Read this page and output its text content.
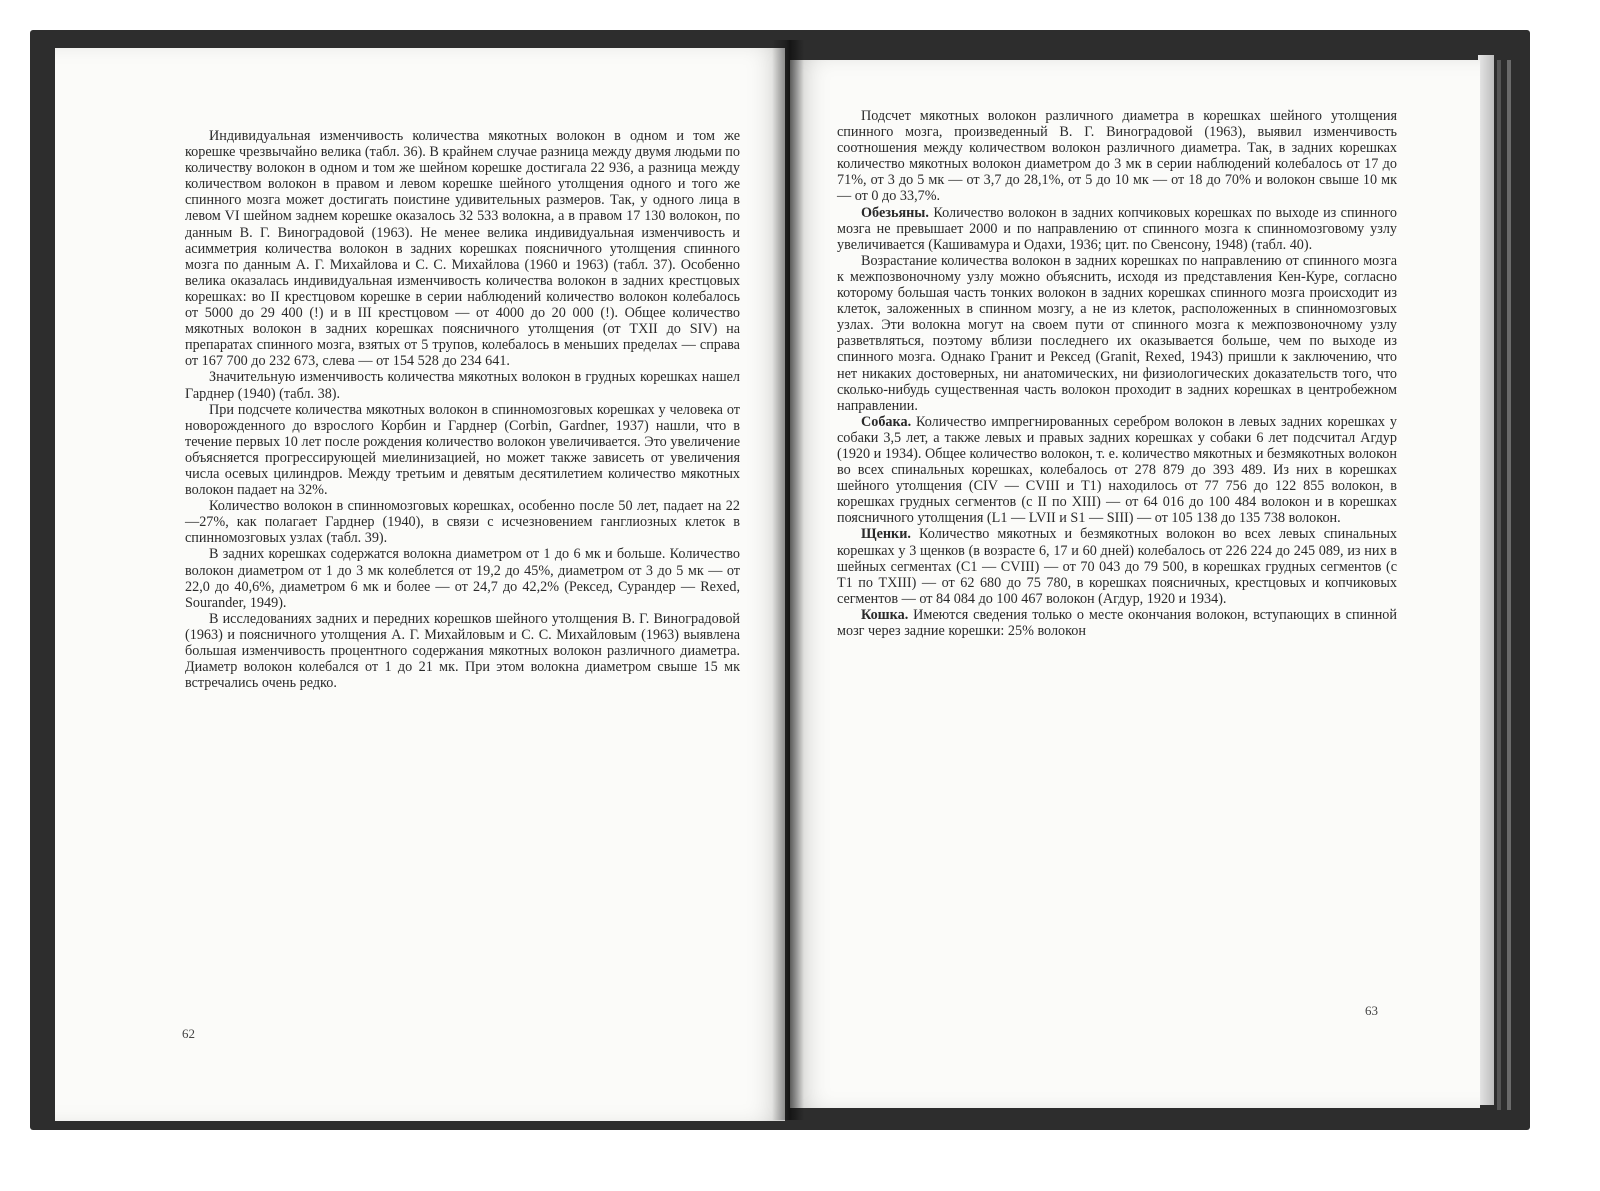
Индивидуальная изменчивость количества мякотных волокон в одном и том же корешке чрезвычайно велика (табл. 36). В крайнем случае разница между двумя людьми по количеству волокон в одном и том же шейном корешке достигала 22 936, а разница между количеством волокон в правом и левом корешке шейного утолщения одного и того же спинного мозга может достигать поистине удивительных размеров. Так, у одного лица в левом VI шейном заднем корешке оказалось 32 533 волокна, а в правом 17 130 волокон, по данным В. Г. Виноградовой (1963). Не менее велика индивидуальная изменчивость и асимметрия количества волокон в задних корешках поясничного утолщения спинного мозга по данным А. Г. Михайлова и С. С. Михайлова (1960 и 1963) (табл. 37). Особенно велика оказалась индивидуальная изменчивость количества волокон в задних крестцовых корешках: во II крестцовом корешке в серии наблюдений количество волокон колебалось от 5000 до 29 400 (!) и в III крестцовом — от 4000 до 20 000 (!). Общее количество мякотных волокон в задних корешках поясничного утолщения (от TXII до SIV) на препаратах спинного мозга, взятых от 5 трупов, колебалось в меньших пределах — справа от 167 700 до 232 673, слева — от 154 528 до 234 641.

Значительную изменчивость количества мякотных волокон в грудных корешках нашел Гарднер (1940) (табл. 38).

При подсчете количества мякотных волокон в спинномозговых корешках у человека от новорожденного до взрослого Корбин и Гарднер (Corbin, Gardner, 1937) нашли, что в течение первых 10 лет после рождения количество волокон увеличивается. Это увеличение объясняется прогрессирующей миелинизацией, но может также зависеть от увеличения числа осевых цилиндров. Между третьим и девятым десятилетием количество мякотных волокон падает на 32%.

Количество волокон в спинномозговых корешках, особенно после 50 лет, падает на 22—27%, как полагает Гарднер (1940), в связи с исчезновением ганглиозных клеток в спинномозговых узлах (табл. 39).

В задних корешках содержатся волокна диаметром от 1 до 6 мк и больше. Количество волокон диаметром от 1 до 3 мк колеблется от 19,2 до 45%, диаметром от 3 до 5 мк — от 22,0 до 40,6%, диаметром 6 мк и более — от 24,7 до 42,2% (Рексед, Сурандер — Rexed, Sourander, 1949).

В исследованиях задних и передних корешков шейного утолщения В. Г. Виноградовой (1963) и поясничного утолщения А. Г. Михайловым и С. С. Михайловым (1963) выявлена большая изменчивость процентного содержания мякотных волокон различного диаметра. Диаметр волокон колебался от 1 до 21 мк. При этом волокна диаметром свыше 15 мк встречались очень редко.

62

Подсчет мякотных волокон различного диаметра в корешках шейного утолщения спинного мозга, произведенный В. Г. Виноградовой (1963), выявил изменчивость соотношения между количеством волокон различного диаметра. Так, в задних корешках количество мякотных волокон диаметром до 3 мк в серии наблюдений колебалось от 17 до 71%, от 3 до 5 мк — от 3,7 до 28,1%, от 5 до 10 мк — от 18 до 70% и волокон свыше 10 мк — от 0 до 33,7%.

Обезьяны. Количество волокон в задних копчиковых корешках по выходе из спинного мозга не превышает 2000 и по направлению от спинного мозга к спинномозговому узлу увеличивается (Кашивамура и Одахи, 1936; цит. по Свенсону, 1948) (табл. 40).

Возрастание количества волокон в задних корешках по направлению от спинного мозга к межпозвоночному узлу можно объяснить, исходя из представления Кен-Куре, согласно которому большая часть тонких волокон в задних корешках спинного мозга происходит из клеток, заложенных в спинном мозгу, а не из клеток, расположенных в спинномозговых узлах. Эти волокна могут на своем пути от спинного мозга к межпозвоночному узлу разветвляться, поэтому вблизи последнего их оказывается больше, чем по выходе из спинного мозга. Однако Гранит и Рексед (Granit, Rexed, 1943) пришли к заключению, что нет никаких достоверных, ни анатомических, ни физиологических доказательств того, что сколько-нибудь существенная часть волокон проходит в задних корешках в центробежном направлении.

Собака. Количество импрегнированных серебром волокон в левых задних корешках у собаки 3,5 лет, а также левых и правых задних корешках у собаки 6 лет подсчитал Агдур (1920 и 1934). Общее количество волокон, т. е. количество мякотных и безмякотных волокон во всех спинальных корешках, колебалось от 278 879 до 393 489. Из них в корешках шейного утолщения (CIV — CVIII и T1) находилось от 77 756 до 122 855 волокон, в корешках грудных сегментов (с II по XIII) — от 64 016 до 100 484 волокон и в корешках поясничного утолщения (L1 — LVII и S1 — SIII) — от 105 138 до 135 738 волокон.

Щенки. Количество мякотных и безмякотных волокон во всех левых спинальных корешках у 3 щенков (в возрасте 6, 17 и 60 дней) колебалось от 226 224 до 245 089, из них в шейных сегментах (C1 — CVIII) — от 70 043 до 79 500, в корешках грудных сегментов (с T1 по TXIII) — от 62 680 до 75 780, в корешках поясничных, крестцовых и копчиковых сегментов — от 84 084 до 100 467 волокон (Агдур, 1920 и 1934).

Кошка. Имеются сведения только о месте окончания волокон, вступающих в спинной мозг через задние корешки: 25% волокон

63
